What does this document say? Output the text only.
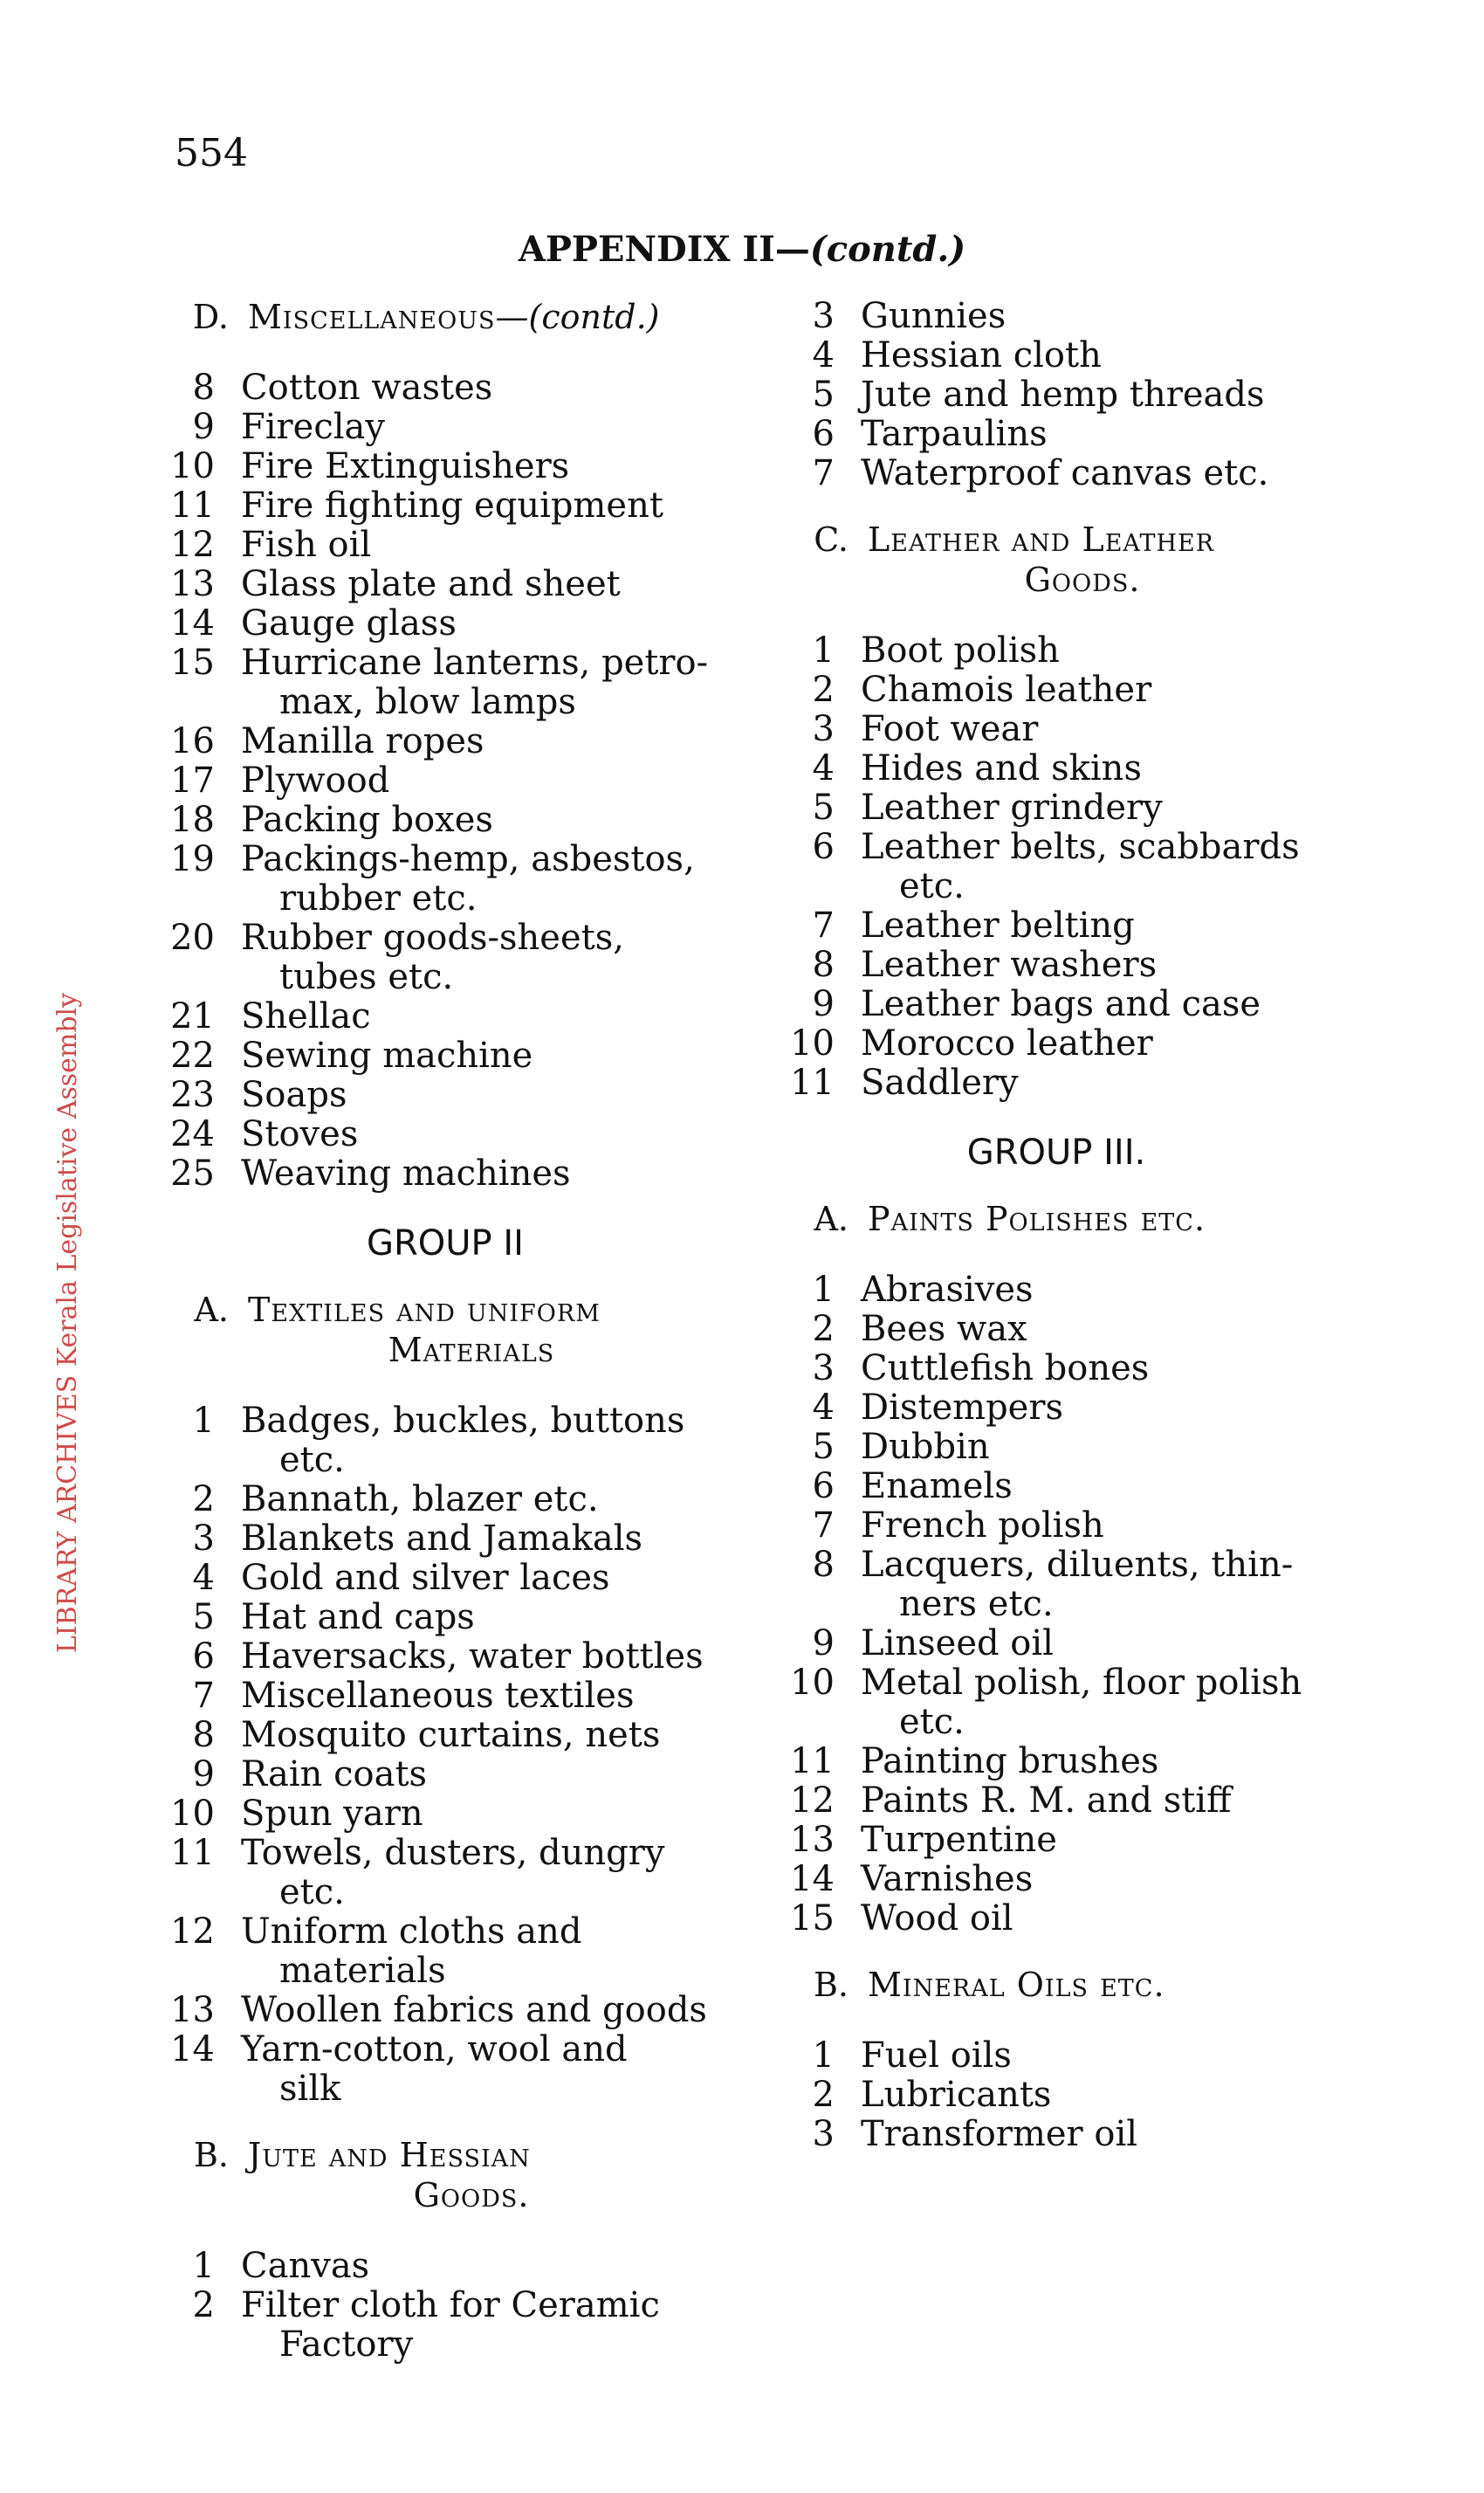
554
APPENDIX II—(contd.)
LIBRARY ARCHIVES Kerala Legislative Assembly
D. Miscellaneous—(contd.)
8 Cotton wastes
9 Fireclay
10 Fire Extinguishers
11 Fire fighting equipment
12 Fish oil
13 Glass plate and sheet
14 Gauge glass
15 Hurricane lanterns, petro-
max, blow lamps
16 Manilla ropes
17 Plywood
18 Packing boxes
19 Packings-hemp, asbestos,
rubber etc.
20 Rubber goods-sheets,
tubes etc.
21 Shellac
22 Sewing machine
23 Soaps
24 Stoves
25 Weaving machines
GROUP II
A. Textiles and uniform
Materials
1 Badges, buckles, buttons
etc.
2 Bannath, blazer etc.
3 Blankets and Jamakals
4 Gold and silver laces
5 Hat and caps
6 Haversacks, water bottles
7 Miscellaneous textiles
8 Mosquito curtains, nets
9 Rain coats
10 Spun yarn
11 Towels, dusters, dungry
etc.
12 Uniform cloths and
materials
13 Woollen fabrics and goods
14 Yarn-cotton, wool and
silk
B. Jute and Hessian
Goods.
1 Canvas
2 Filter cloth for Ceramic
Factory
3 Gunnies
4 Hessian cloth
5 Jute and hemp threads
6 Tarpaulins
7 Waterproof canvas etc.
C. Leather and Leather
Goods.
1 Boot polish
2 Chamois leather
3 Foot wear
4 Hides and skins
5 Leather grindery
6 Leather belts, scabbards
etc.
7 Leather belting
8 Leather washers
9 Leather bags and case
10 Morocco leather
11 Saddlery
GROUP III.
A. Paints Polishes etc.
1 Abrasives
2 Bees wax
3 Cuttlefish bones
4 Distempers
5 Dubbin
6 Enamels
7 French polish
8 Lacquers, diluents, thin-
ners etc.
9 Linseed oil
10 Metal polish, floor polish
etc.
11 Painting brushes
12 Paints R. M. and stiff
13 Turpentine
14 Varnishes
15 Wood oil
B. Mineral Oils etc.
1 Fuel oils
2 Lubricants
3 Transformer oil
